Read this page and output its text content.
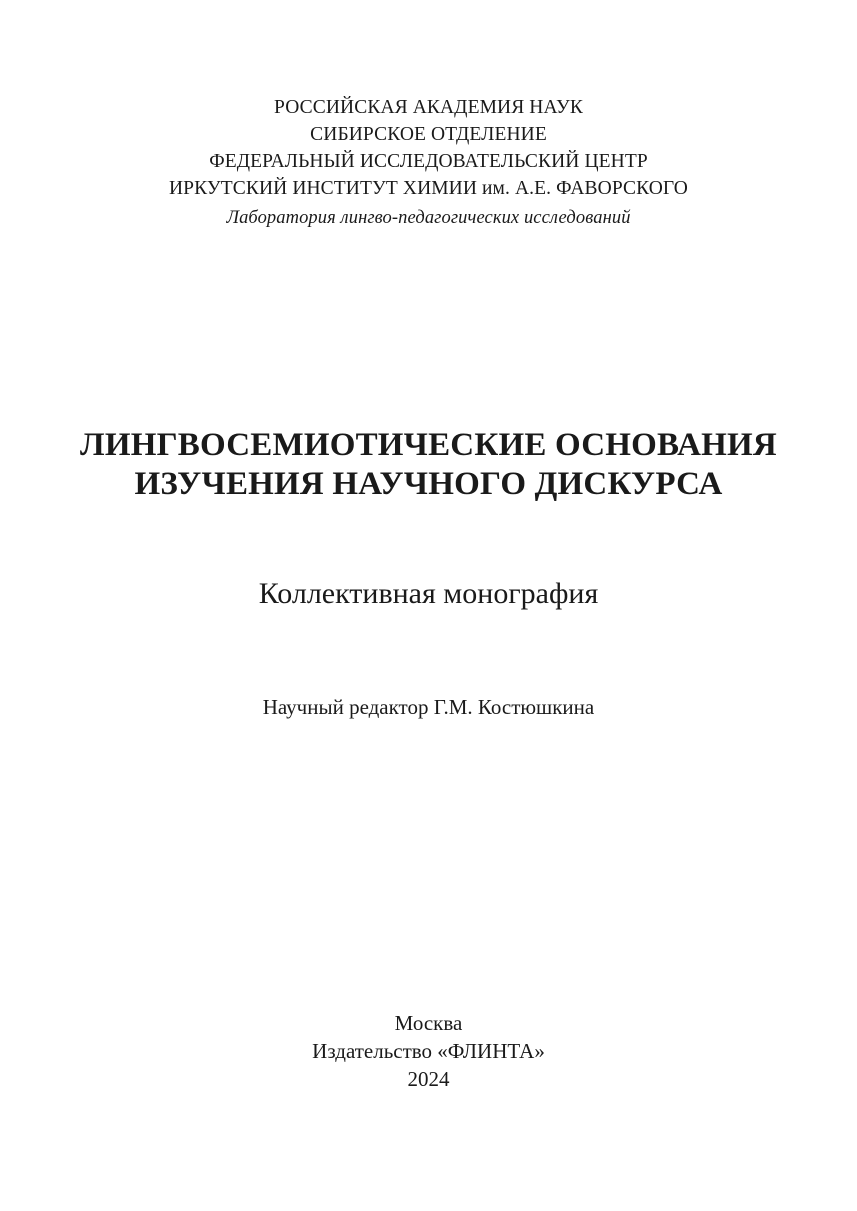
РОССИЙСКАЯ АКАДЕМИЯ НАУК
СИБИРСКОЕ ОТДЕЛЕНИЕ
ФЕДЕРАЛЬНЫЙ ИССЛЕДОВАТЕЛЬСКИЙ ЦЕНТР
ИРКУТСКИЙ ИНСТИТУТ ХИМИИ им. А.Е. ФАВОРСКОГО
Лаборатория лингво-педагогических исследований
ЛИНГВОСЕМИОТИЧЕСКИЕ ОСНОВАНИЯ
ИЗУЧЕНИЯ НАУЧНОГО ДИСКУРСА
Коллективная монография
Научный редактор Г.М. Костюшкина
Москва
Издательство «ФЛИНТА»
2024
